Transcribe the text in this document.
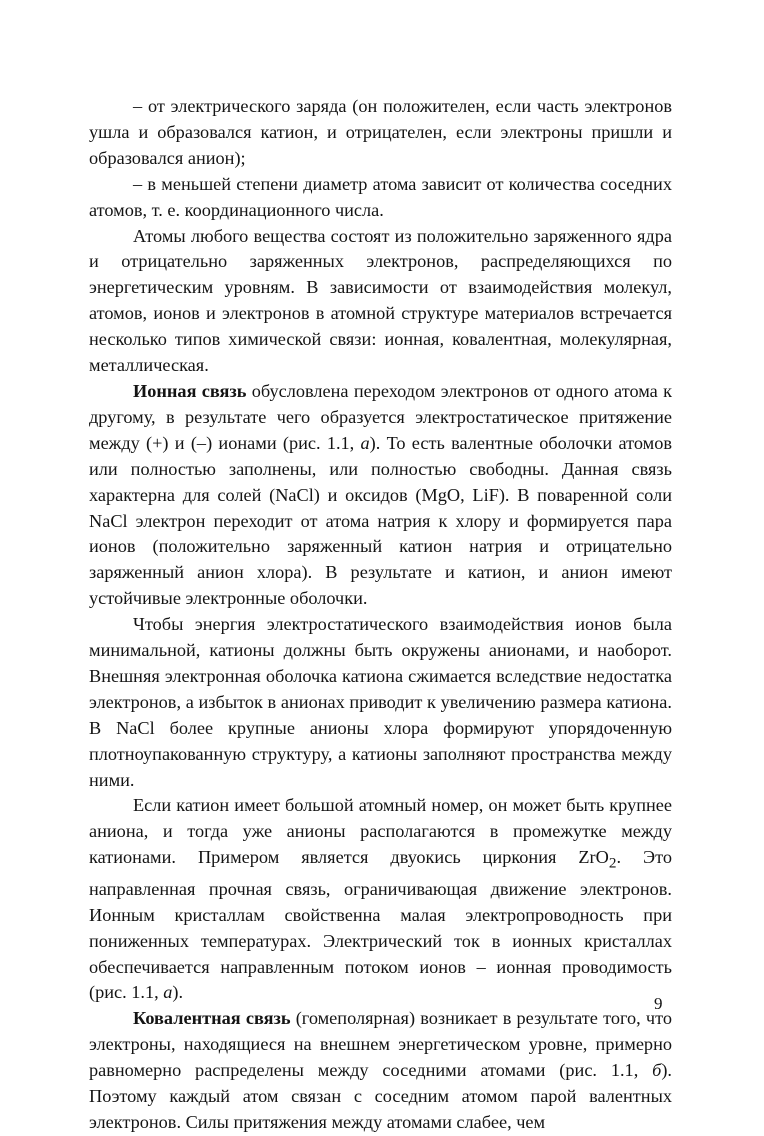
– от электрического заряда (он положителен, если часть электронов ушла и образовался катион, и отрицателен, если электроны пришли и образовался анион);

– в меньшей степени диаметр атома зависит от количества соседних атомов, т. е. координационного числа.

Атомы любого вещества состоят из положительно заряженного ядра и отрицательно заряженных электронов, распределяющихся по энергетическим уровням. В зависимости от взаимодействия молекул, атомов, ионов и электронов в атомной структуре материалов встречается несколько типов химической связи: ионная, ковалентная, молекулярная, металлическая.

Ионная связь обусловлена переходом электронов от одного атома к другому, в результате чего образуется электростатическое притяжение между (+) и (–) ионами (рис. 1.1, а). То есть валентные оболочки атомов или полностью заполнены, или полностью свободны. Данная связь характерна для солей (NaCl) и оксидов (MgO, LiF). В поваренной соли NaCl электрон переходит от атома натрия к хлору и формируется пара ионов (положительно заряженный катион натрия и отрицательно заряженный анион хлора). В результате и катион, и анион имеют устойчивые электронные оболочки.

Чтобы энергия электростатического взаимодействия ионов была минимальной, катионы должны быть окружены анионами, и наоборот. Внешняя электронная оболочка катиона сжимается вследствие недостатка электронов, а избыток в анионах приводит к увеличению размера катиона. В NaCl более крупные анионы хлора формируют упорядоченную плотноупакованную структуру, а катионы заполняют пространства между ними.

Если катион имеет большой атомный номер, он может быть крупнее аниона, и тогда уже анионы располагаются в промежутке между катионами. Примером является двуокись циркония ZrO$_2$. Это направленная прочная связь, ограничивающая движение электронов. Ионным кристаллам свойственна малая электропроводность при пониженных температурах. Электрический ток в ионных кристаллах обеспечивается направленным потоком ионов – ионная проводимость (рис. 1.1, а).

Ковалентная связь (гомеполярная) возникает в результате того, что электроны, находящиеся на внешнем энергетическом уровне, примерно равномерно распределены между соседними атомами (рис. 1.1, б). Поэтому каждый атом связан с соседним атомом парой валентных электронов. Силы притяжения между атомами слабее, чем

9
